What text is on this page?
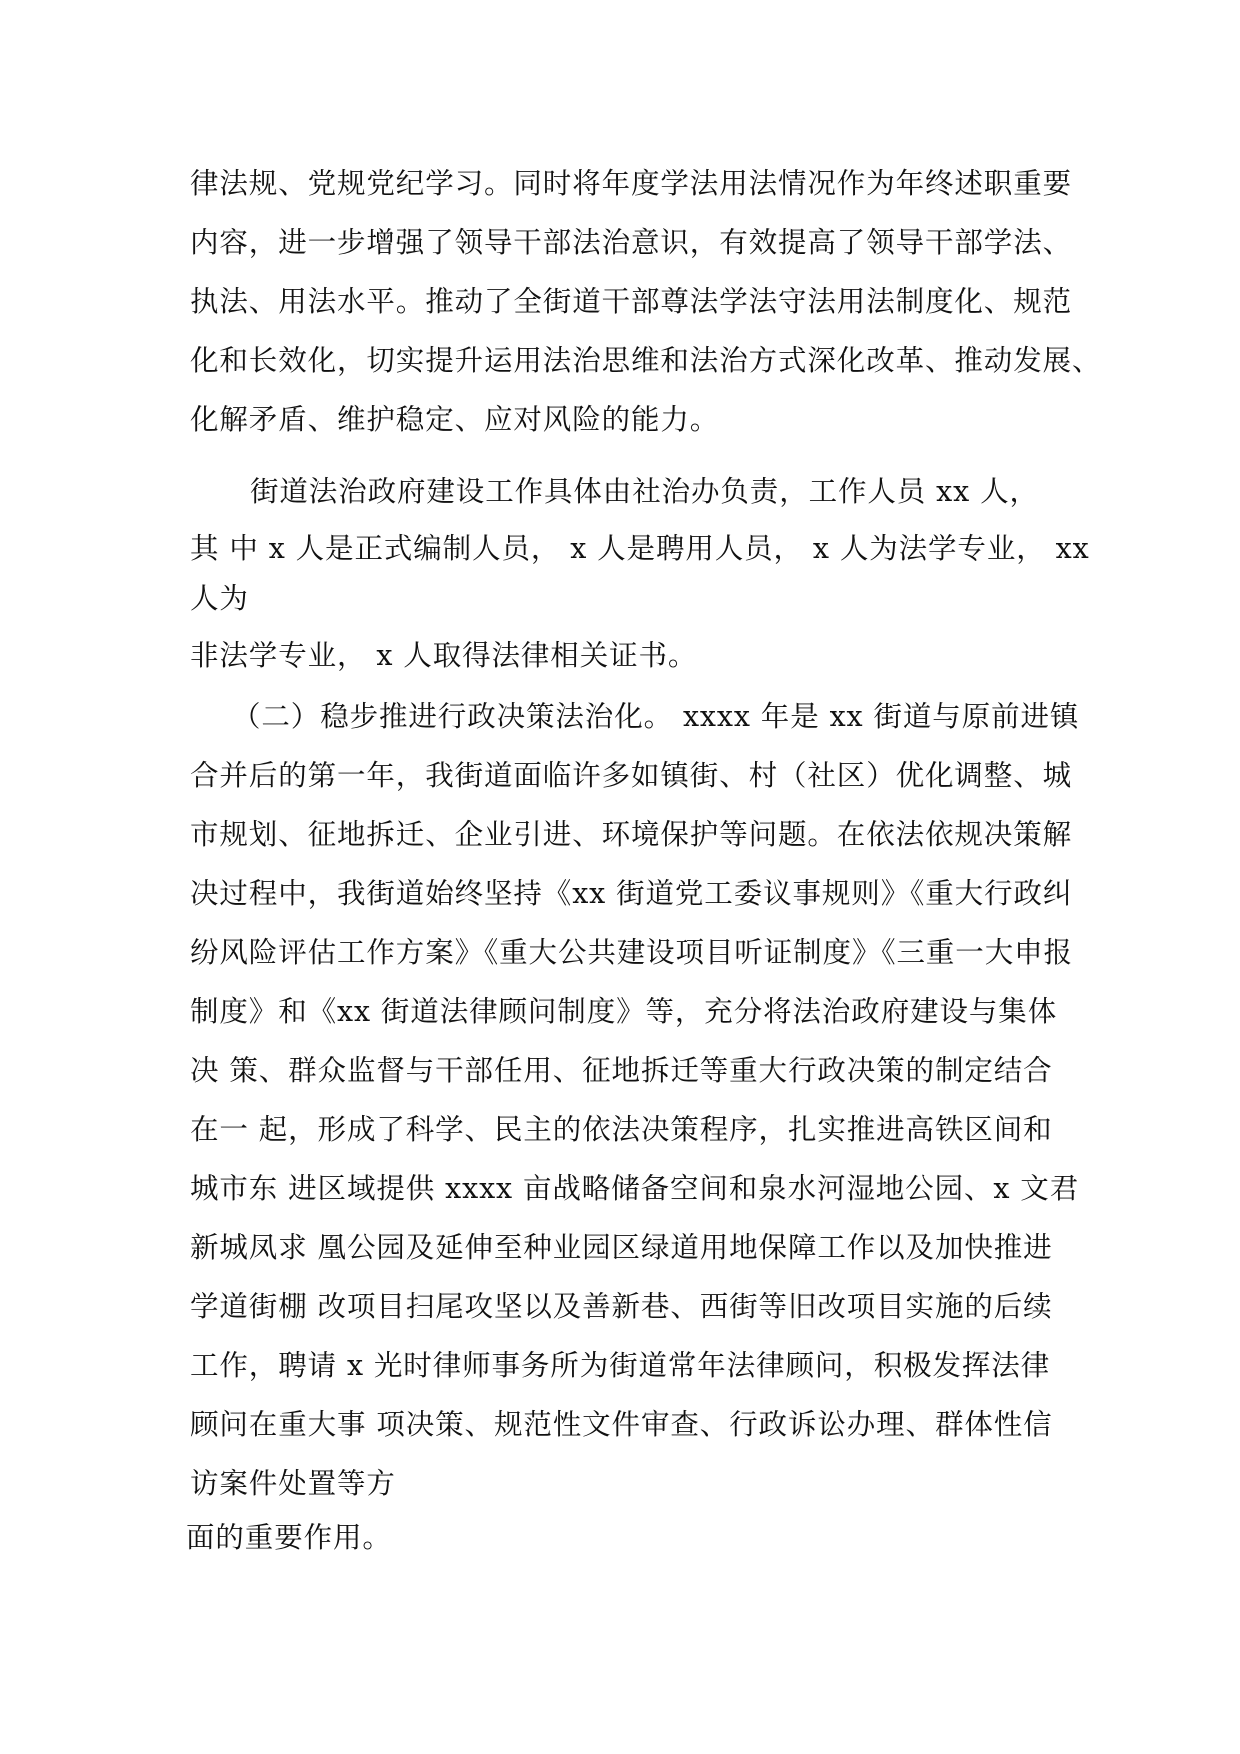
律法规、党规党纪学习。同时将年度学法用法情况作为年终述职重要
内容，进一步增强了领导干部法治意识，有效提高了领导干部学法、
执法、用法水平。推动了全街道干部尊法学法守法用法制度化、规范
化和长效化，切实提升运用法治思维和法治方式深化改革、推动发展、
化解矛盾、维护稳定、应对风险的能力。
街道法治政府建设工作具体由社治办负责，工作人员 xx 人，
其 中 x 人是正式编制人员， x 人是聘用人员， x 人为法学专业， xx
人为
非法学专业， x 人取得法律相关证书。
（二）稳步推进行政决策法治化。 xxxx 年是 xx 街道与原前进镇
合并后的第一年，我街道面临许多如镇街、村（社区）优化调整、城
市规划、征地拆迁、企业引进、环境保护等问题。在依法依规决策解
决过程中，我街道始终坚持《xx 街道党工委议事规则》《重大行政纠
纷风险评估工作方案》《重大公共建设项目听证制度》《三重一大申报
制度》和《xx 街道法律顾问制度》等，充分将法治政府建设与集体
决 策、群众监督与干部任用、征地拆迁等重大行政决策的制定结合
在一 起，形成了科学、民主的依法决策程序，扎实推进高铁区间和
城市东 进区域提供 xxxx 亩战略储备空间和泉水河湿地公园、x 文君
新城凤求 凰公园及延伸至种业园区绿道用地保障工作以及加快推进
学道街棚 改项目扫尾攻坚以及善新巷、西街等旧改项目实施的后续
工作，聘请 x 光时律师事务所为街道常年法律顾问，积极发挥法律
顾问在重大事 项决策、规范性文件审查、行政诉讼办理、群体性信
访案件处置等方
面的重要作用。
